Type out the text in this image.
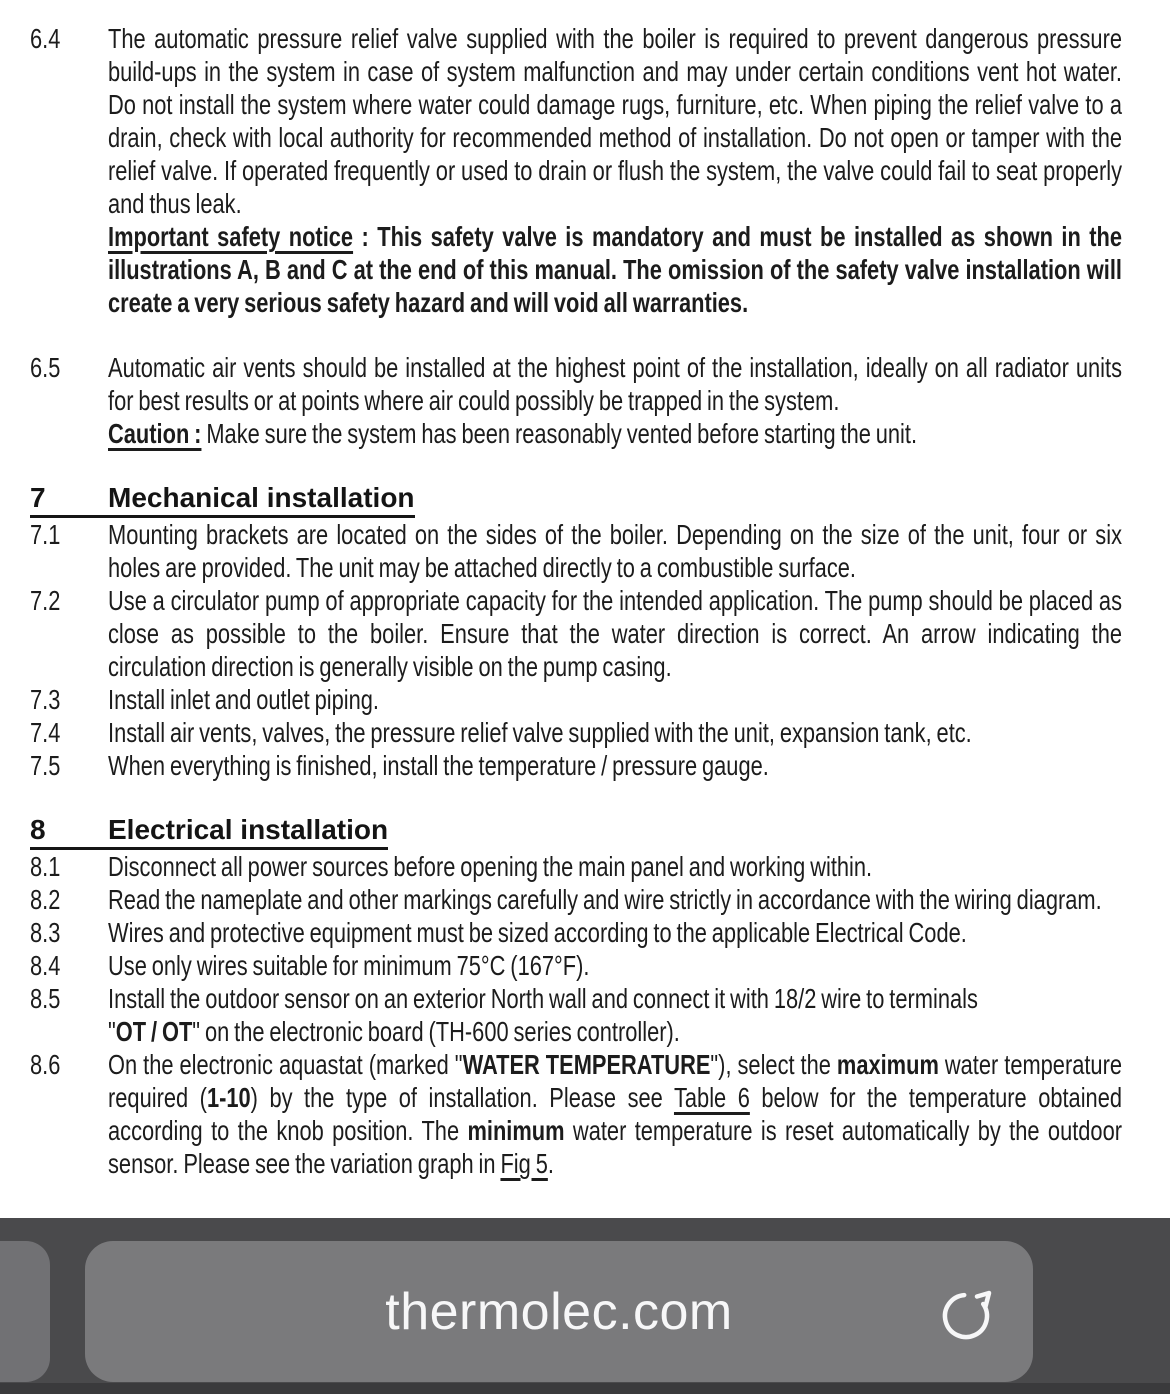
6.4 The automatic pressure relief valve supplied with the boiler is required to prevent dangerous pressure
build-ups in the system in case of system malfunction and may under certain conditions vent hot water.
Do not install the system where water could damage rugs, furniture, etc. When piping the relief valve to a
drain, check with local authority for recommended method of installation. Do not open or tamper with the
relief valve. If operated frequently or used to drain or flush the system, the valve could fail to seat properly
and thus leak.
Important safety notice : This safety valve is mandatory and must be installed as shown in the
illustrations A, B and C at the end of this manual. The omission of the safety valve installation will
create a very serious safety hazard and will void all warranties.
6.5 Automatic air vents should be installed at the highest point of the installation, ideally on all radiator units
for best results or at points where air could possibly be trapped in the system.
Caution : Make sure the system has been reasonably vented before starting the unit.
7	Mechanical installation
7.1 Mounting brackets are located on the sides of the boiler. Depending on the size of the unit, four or six
holes are provided. The unit may be attached directly to a combustible surface.
7.2 Use a circulator pump of appropriate capacity for the intended application. The pump should be placed as
close as possible to the boiler. Ensure that the water direction is correct. An arrow indicating the
circulation direction is generally visible on the pump casing.
7.3 Install inlet and outlet piping.
7.4 Install air vents, valves, the pressure relief valve supplied with the unit, expansion tank, etc.
7.5 When everything is finished, install the temperature / pressure gauge.
8	Electrical installation
8.1 Disconnect all power sources before opening the main panel and working within.
8.2 Read the nameplate and other markings carefully and wire strictly in accordance with the wiring diagram.
8.3 Wires and protective equipment must be sized according to the applicable Electrical Code.
8.4 Use only wires suitable for minimum 75°C (167°F).
8.5 Install the outdoor sensor on an exterior North wall and connect it with 18/2 wire to terminals
"OT / OT" on the electronic board (TH-600 series controller).
8.6 On the electronic aquastat (marked "WATER TEMPERATURE"), select the maximum water temperature
required (1-10) by the type of installation. Please see Table 6 below for the temperature obtained
according to the knob position. The minimum water temperature is reset automatically by the outdoor
sensor. Please see the variation graph in Fig 5.
thermolec.com
